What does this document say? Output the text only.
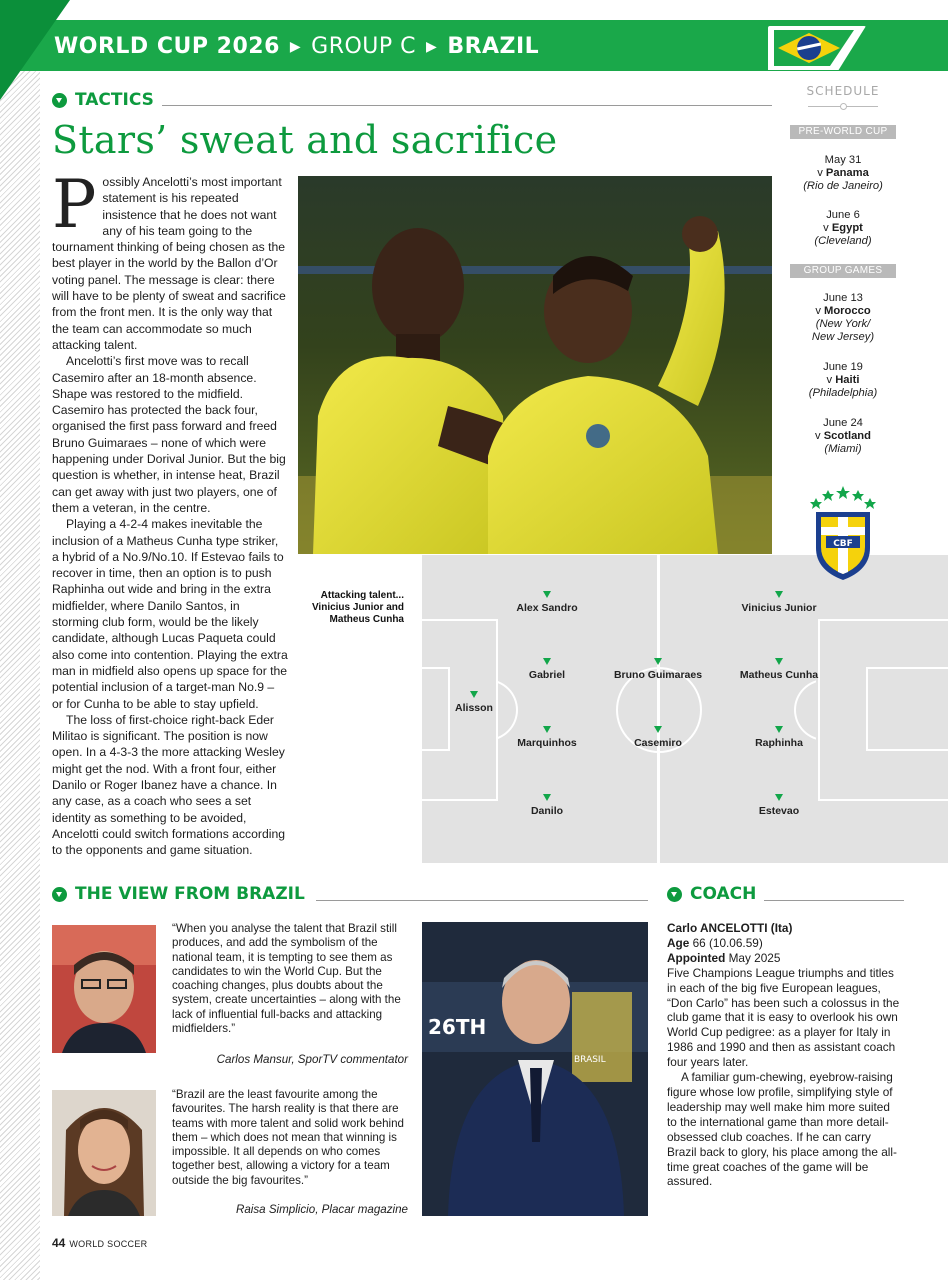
WORLD CUP 2026 ▶ GROUP C ▶ BRAZIL
TACTICS
Stars’ sweat and sacrifice

Possibly Ancelotti’s most important statement is his repeated insistence that he does not want any of his team going to the tournament thinking of being chosen as the best player in the world by the Ballon d’Or voting panel. The message is clear: there will have to be plenty of sweat and sacrifice from the front men. It is the only way that the team can accommodate so much attacking talent.

Ancelotti’s first move was to recall Casemiro after an 18-month absence. Shape was restored to the midfield. Casemiro has protected the back four, organised the first pass forward and freed Bruno Guimaraes – none of which were happening under Dorival Junior. But the big question is whether, in intense heat, Brazil can get away with just two players, one of them a veteran, in the centre.

Playing a 4-2-4 makes inevitable the inclusion of a Matheus Cunha type striker, a hybrid of a No.9/No.10. If Estevao fails to recover in time, then an option is to push Raphinha out wide and bring in the extra midfielder, where Danilo Santos, in storming club form, would be the likely candidate, although Lucas Paqueta could also come into contention. Playing the extra man in midfield also opens up space for the potential inclusion of a target-man No.9 – or for Cunha to be able to stay upfield.

The loss of first-choice right-back Eder Militao is significant. The position is now open. In a 4-3-3 the more attacking Wesley might get the nod. With a front four, either Danilo or Roger Ibanez have a chance. In any case, as a coach who sees a set identity as something to be avoided, Ancelotti could switch formations according to the opponents and game situation.

Attacking talent... Vinicius Junior and Matheus Cunha
Alisson
Alex Sandro
Gabriel
Marquinhos
Danilo
Bruno Guimaraes
Casemiro
Vinicius Junior
Matheus Cunha
Raphinha
Estevao
SCHEDULE
PRE-WORLD CUP
May 31
v Panama
(Rio de Janeiro)
June 6
v Egypt
(Cleveland)
GROUP GAMES
June 13
v Morocco
(New York/ New Jersey)
June 19
v Haiti
(Philadelphia)
June 24
v Scotland
(Miami)
CBF
THE VIEW FROM BRAZIL
“When you analyse the talent that Brazil still produces, and add the symbolism of the national team, it is tempting to see them as candidates to win the World Cup. But the coaching changes, plus doubts about the system, create uncertainties – along with the lack of influential full-backs and attacking midfielders.”
Carlos Mansur, SporTV commentator
“Brazil are the least favourite among the favourites. The harsh reality is that there are teams with more talent and solid work behind them – which does not mean that winning is impossible. It all depends on who comes together best, allowing a victory for a team outside the big favourites.”
Raisa Simplicio, Placar magazine
26TH
BRASIL
COACH

Carlo ANCELOTTI (Ita)

Age 66 (10.06.59)

Appointed May 2025

Five Champions League triumphs and titles in each of the big five European leagues, “Don Carlo” has been such a colossus in the club game that it is easy to overlook his own World Cup pedigree: as a player for Italy in 1986 and 1990 and then as assistant coach four years later.

A familiar gum-chewing, eyebrow-raising figure whose low profile, simplifying style of leadership may well make him more suited to the international game than more detail-obsessed club coaches. If he can carry Brazil back to glory, his place among the all-time great coaches of the game will be assured.

44 WORLD SOCCER
